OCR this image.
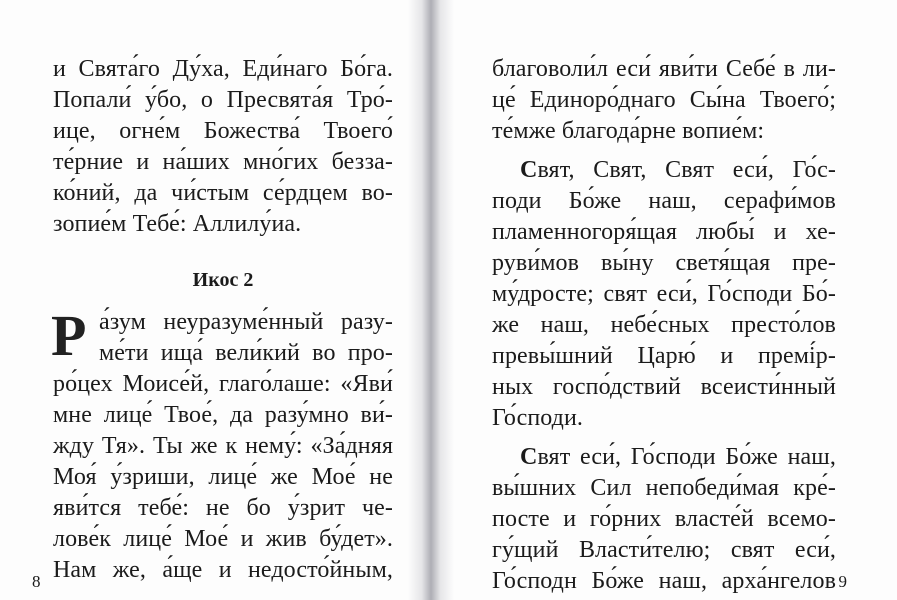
и Свята́го Ду́ха, Еди́наго Бо́га.
Попали́ у́бо, о Пресвята́я Тро́-
ице, огне́м Божества́ Твоего́
те́рние и на́ших мно́гих безза-
ко́ний, да чи́стым се́рдцем во-
зопие́м Тебе́: Аллилу́иа.
Икос 2
Р а́зум неуразуме́нный разу-
ме́ти ища́ вели́кий во про-
ро́цех Моисе́й, глаго́лаше: «Яви́
мне лице́ Твое́, да разу́мно ви́-
жду Тя». Ты же к нему́: «За́дняя
Моя́ у́зриши, лице́ же Мое́ не
яви́тся тебе́: не бо у́зрит че-
лове́к лице́ Мое́ и жив бу́дет».
Нам же, а́ще и недосто́йным,
8
благоволи́л еси́ яви́ти Себе́ в ли-
це́ Единоро́днаго Сы́на Твоего́;
те́мже благода́рне вопие́м:
Свят, Свят, Свят еси́, Го́с-
поди Бо́же наш, серафи́мов
пламенногоря́щая любы́ и хе-
руви́мов вы́ну светя́щая пре-
му́дросте; свят еси́, Го́споди Бо́-
же наш, небе́сных престо́лов
превы́шний Царю́ и премі́р-
ных госпо́дствий всеисти́нный
Го́споди.
Свят еси́, Го́споди Бо́же наш,
вы́шних Сил непобеди́мая кре́-
посте и го́рних власте́й всемо-
гу́щий Власти́телю; свят еси́,
Го́сподн Бо́же наш, арха́нгелов 9
